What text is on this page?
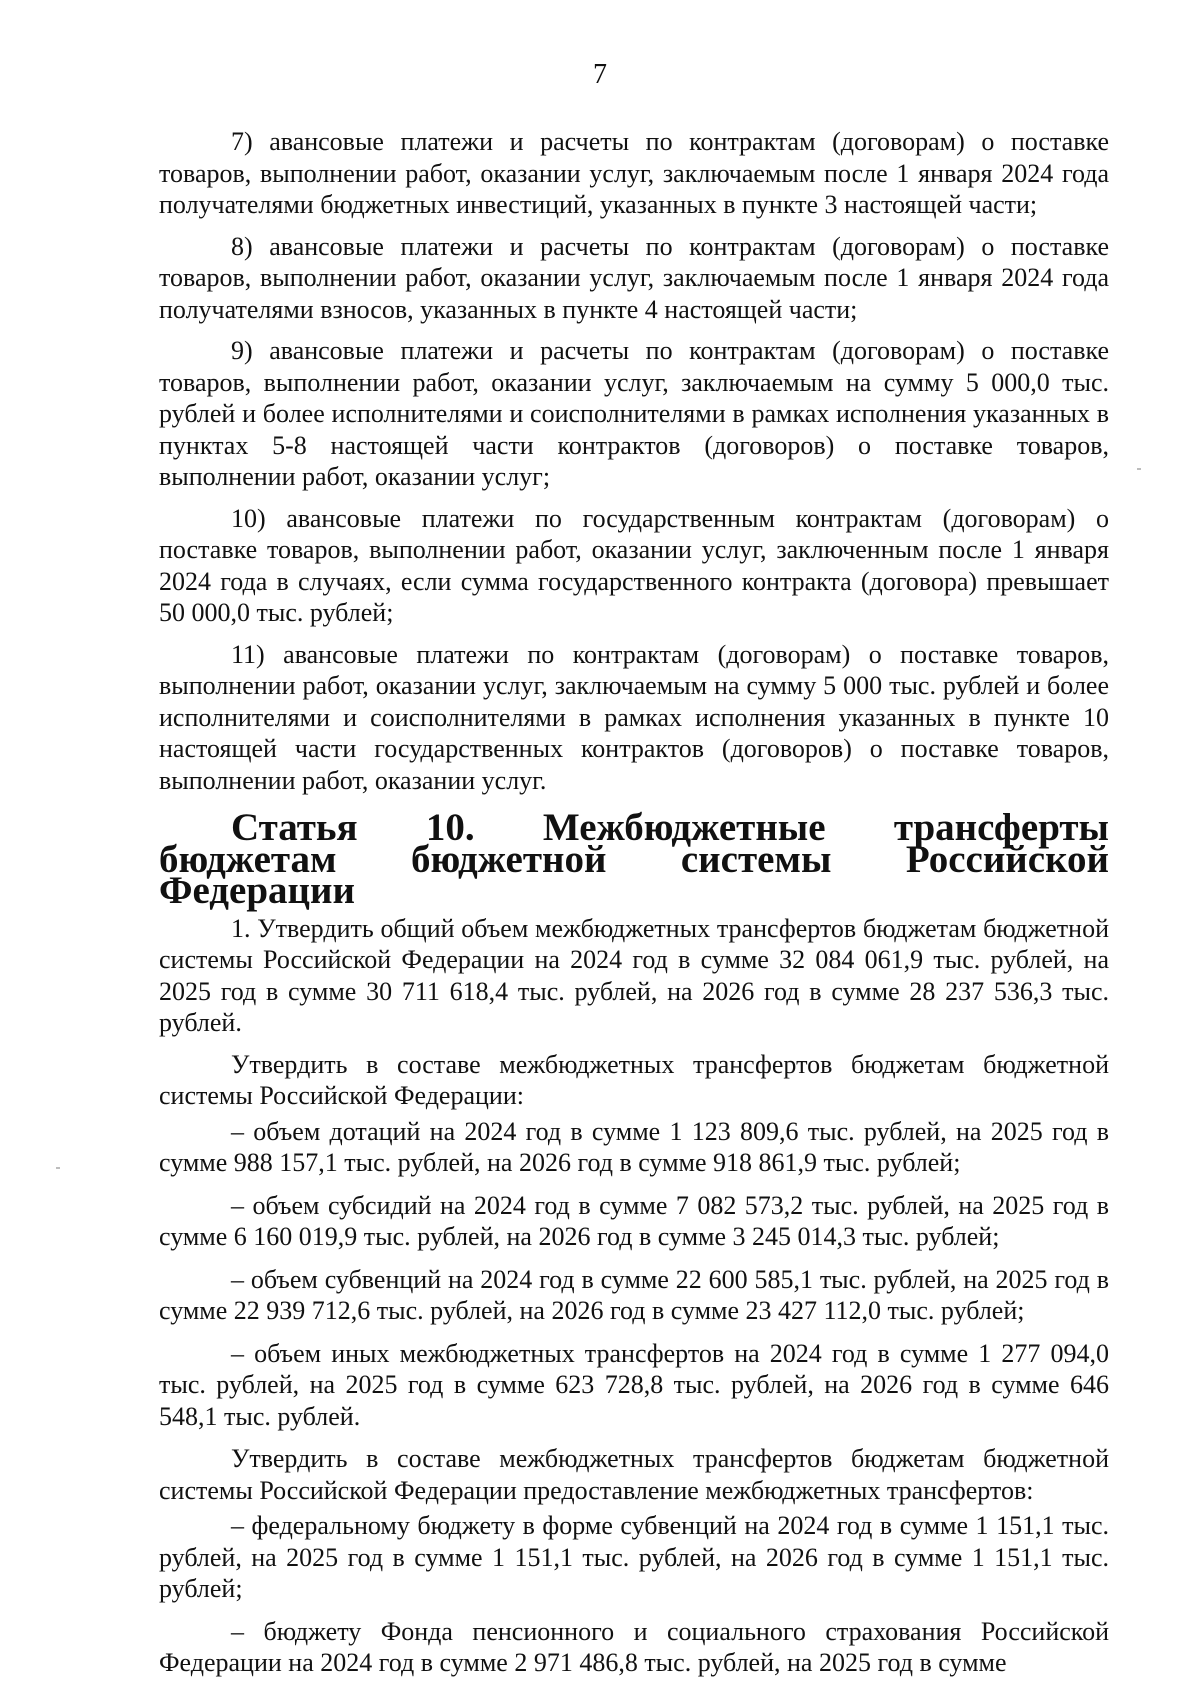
7

7) авансовые платежи и расчеты по контрактам (договорам) о поставке товаров, выполнении работ, оказании услуг, заключаемым после 1 января 2024 года получателями бюджетных инвестиций, указанных в пункте 3 настоящей части;

8) авансовые платежи и расчеты по контрактам (договорам) о поставке товаров, выполнении работ, оказании услуг, заключаемым после 1 января 2024 года получателями взносов, указанных в пункте 4 настоящей части;

9) авансовые платежи и расчеты по контрактам (договорам) о поставке товаров, выполнении работ, оказании услуг, заключаемым на сумму 5 000,0 тыс. рублей и более исполнителями и соисполнителями в рамках исполнения указанных в пунктах 5-8 настоящей части контрактов (договоров) о поставке товаров, выполнении работ, оказании услуг;

10) авансовые платежи по государственным контрактам (договорам) о поставке товаров, выполнении работ, оказании услуг, заключенным после 1 января 2024 года в случаях, если сумма государственного контракта (договора) превышает 50 000,0 тыс. рублей;

11) авансовые платежи по контрактам (договорам) о поставке товаров, выполнении работ, оказании услуг, заключаемым на сумму 5 000 тыс. рублей и более исполнителями и соисполнителями в рамках исполнения указанных в пункте 10 настоящей части государственных контрактов (договоров) о поставке товаров, выполнении работ, оказании услуг.

Статья 10. Межбюджетные трансферты бюджетам бюджетной системы Российской Федерации

1. Утвердить общий объем межбюджетных трансфертов бюджетам бюджетной системы Российской Федерации на 2024 год в сумме 32 084 061,9 тыс. рублей, на 2025 год в сумме 30 711 618,4 тыс. рублей, на 2026 год в сумме 28 237 536,3 тыс. рублей.

Утвердить в составе межбюджетных трансфертов бюджетам бюджетной системы Российской Федерации:

– объем дотаций на 2024 год в сумме 1 123 809,6 тыс. рублей, на 2025 год в сумме 988 157,1 тыс. рублей, на 2026 год в сумме 918 861,9 тыс. рублей;

– объем субсидий на 2024 год в сумме 7 082 573,2 тыс. рублей, на 2025 год в сумме 6 160 019,9 тыс. рублей, на 2026 год в сумме 3 245 014,3 тыс. рублей;

– объем субвенций на 2024 год в сумме 22 600 585,1 тыс. рублей, на 2025 год в сумме 22 939 712,6 тыс. рублей, на 2026 год в сумме 23 427 112,0 тыс. рублей;

– объем иных межбюджетных трансфертов на 2024 год в сумме 1 277 094,0 тыс. рублей, на 2025 год в сумме 623 728,8 тыс. рублей, на 2026 год в сумме 646 548,1 тыс. рублей.

Утвердить в составе межбюджетных трансфертов бюджетам бюджетной системы Российской Федерации предоставление межбюджетных трансфертов:

– федеральному бюджету в форме субвенций на 2024 год в сумме 1 151,1 тыс. рублей, на 2025 год в сумме 1 151,1 тыс. рублей, на 2026 год в сумме 1 151,1 тыс. рублей;

– бюджету Фонда пенсионного и социального страхования Российской Федерации на 2024 год в сумме 2 971 486,8 тыс. рублей, на 2025 год в сумме
